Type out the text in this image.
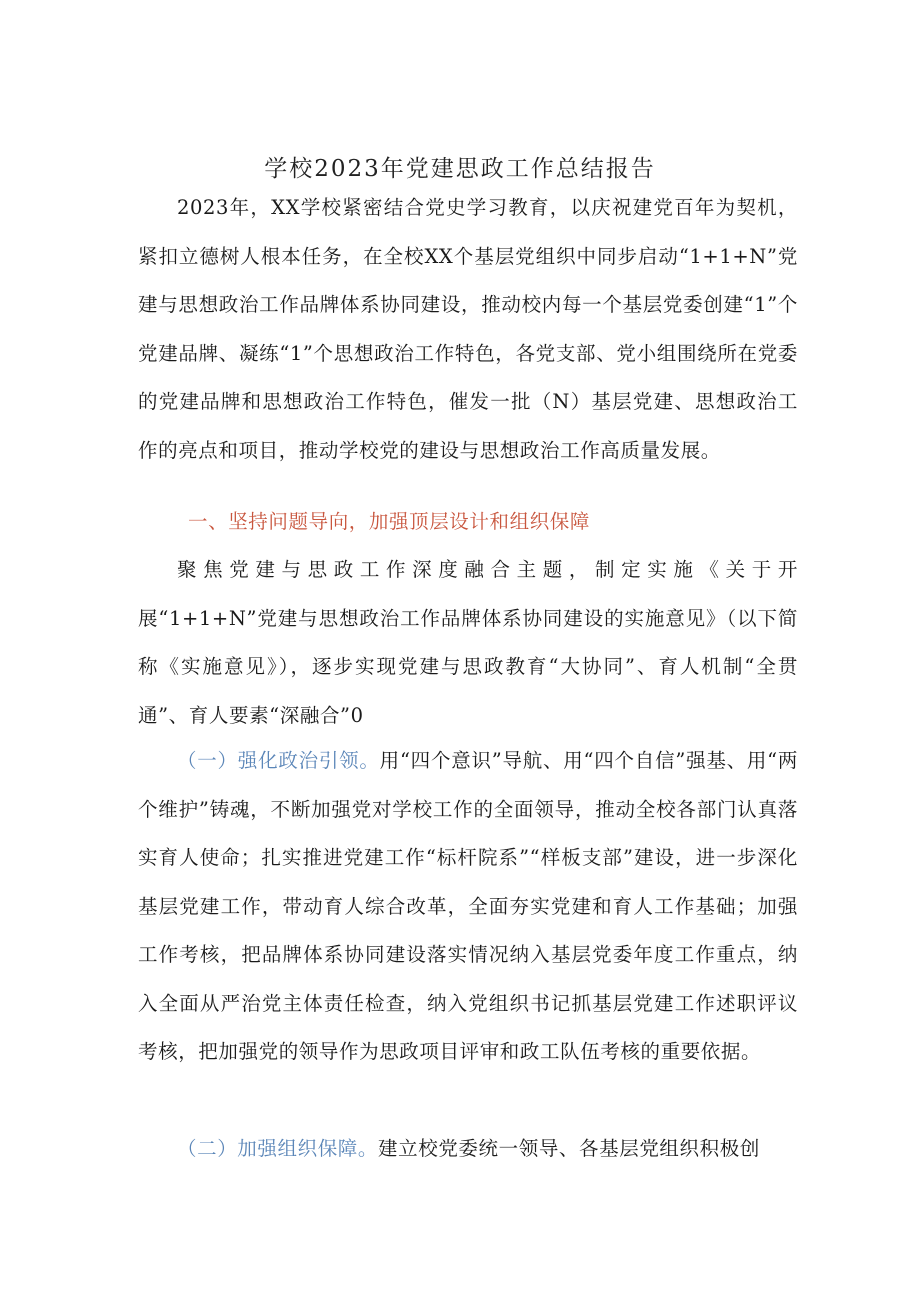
学校2023年党建思政工作总结报告
2023年，XX学校紧密结合党史学习教育，以庆祝建党百年为契机，紧扣立德树人根本任务，在全校XX个基层党组织中同步启动“1+1+N”党建与思想政治工作品牌体系协同建设，推动校内每一个基层党委创建“1”个党建品牌、凝练“1”个思想政治工作特色，各党支部、党小组围绕所在党委的党建品牌和思想政治工作特色，催发一批（N）基层党建、思想政治工作的亮点和项目，推动学校党的建设与思想政治工作高质量发展。
一、坚持问题导向，加强顶层设计和组织保障
聚焦党建与思政工作深度融合主题，制定实施《关于开展“1+1+N”党建与思想政治工作品牌体系协同建设的实施意见》（以下简称《实施意见》），逐步实现党建与思政教育“大协同”、育人机制“全贯通”、育人要素“深融合”0
（一）强化政治引领。用“四个意识”导航、用“四个自信”强基、用“两个维护”铸魂，不断加强党对学校工作的全面领导，推动全校各部门认真落实育人使命；扎实推进党建工作“标杆院系”“样板支部”建设，进一步深化基层党建工作，带动育人综合改革，全面夯实党建和育人工作基础；加强工作考核，把品牌体系协同建设落实情况纳入基层党委年度工作重点，纳入全面从严治党主体责任检查，纳入党组织书记抓基层党建工作述职评议考核，把加强党的领导作为思政项目评审和政工队伍考核的重要依据。
（二）加强组织保障。建立校党委统一领导、各基层党组织积极创
